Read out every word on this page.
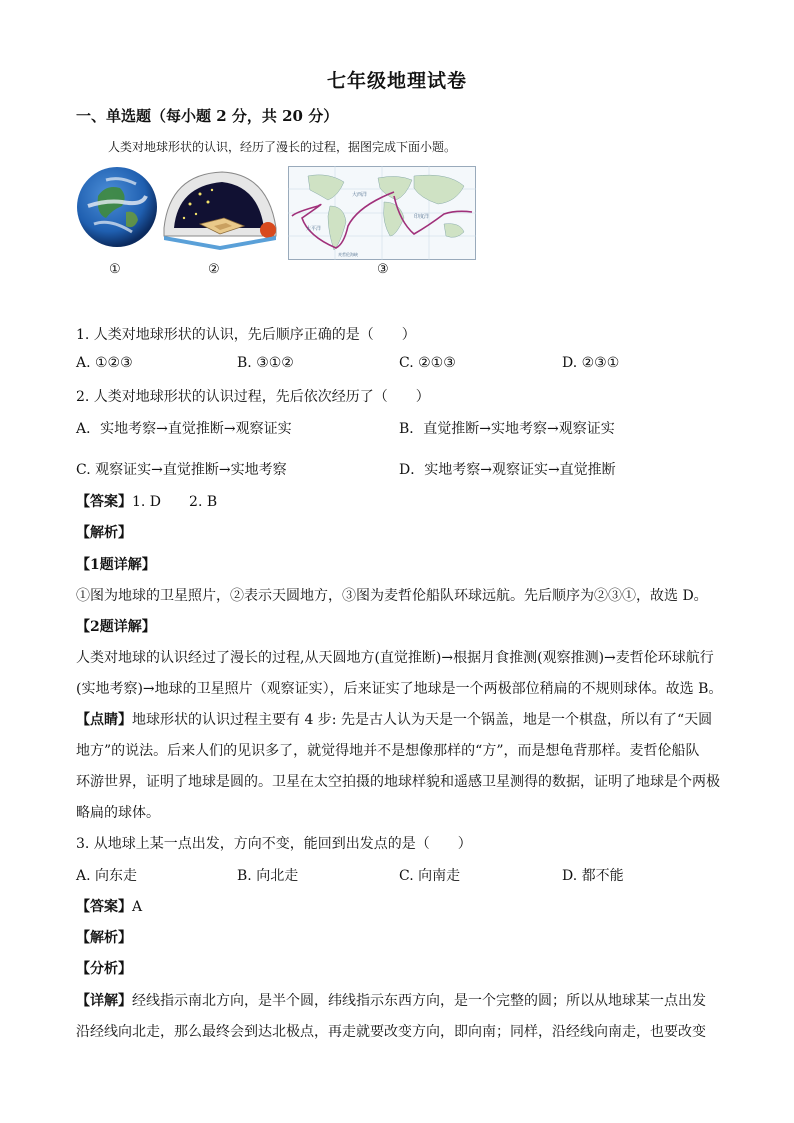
七年级地理试卷
一、单选题（每小题 2 分，共 20 分）
人类对地球形状的认识，经历了漫长的过程，据图完成下面小题。
大西洋
太平洋
印度洋
麦哲伦海峡
①	②	③
1. 人类对地球形状的认识，先后顺序正确的是（　　）
A. ①②③	B. ③①②	C. ②①③	D. ②③①
2. 人类对地球形状的认识过程，先后依次经历了（　　）
A．实地考察→直觉推断→观察证实	B．直觉推断→实地考察→观察证实
C. 观察证实→直觉推断→实地考察	D．实地考察→观察证实→直觉推断
【答案】1. D　　2. B
【解析】
【1题详解】
①图为地球的卫星照片，②表示天圆地方，③图为麦哲伦船队环球远航。先后顺序为②③①，故选 D。
【2题详解】
人类对地球的认识经过了漫长的过程,从天圆地方(直觉推断)→根据月食推测(观察推测)→麦哲伦环球航行
(实地考察)→地球的卫星照片（观察证实），后来证实了地球是一个两极部位稍扁的不规则球体。故选 B。
【点睛】地球形状的认识过程主要有 4 步: 先是古人认为天是一个锅盖，地是一个棋盘，所以有了“天圆
地方”的说法。后来人们的见识多了，就觉得地并不是想像那样的“方”，而是想龟背那样。麦哲伦船队
环游世界，证明了地球是圆的。卫星在太空拍摄的地球样貌和遥感卫星测得的数据，证明了地球是个两极
略扁的球体。
3. 从地球上某一点出发，方向不变，能回到出发点的是（　　）
A. 向东走	B. 向北走	C. 向南走	D. 都不能
【答案】A
【解析】
【分析】
【详解】经线指示南北方向，是半个圆，纬线指示东西方向，是一个完整的圆；所以从地球某一点出发
沿经线向北走，那么最终会到达北极点，再走就要改变方向，即向南；同样，沿经线向南走，也要改变
